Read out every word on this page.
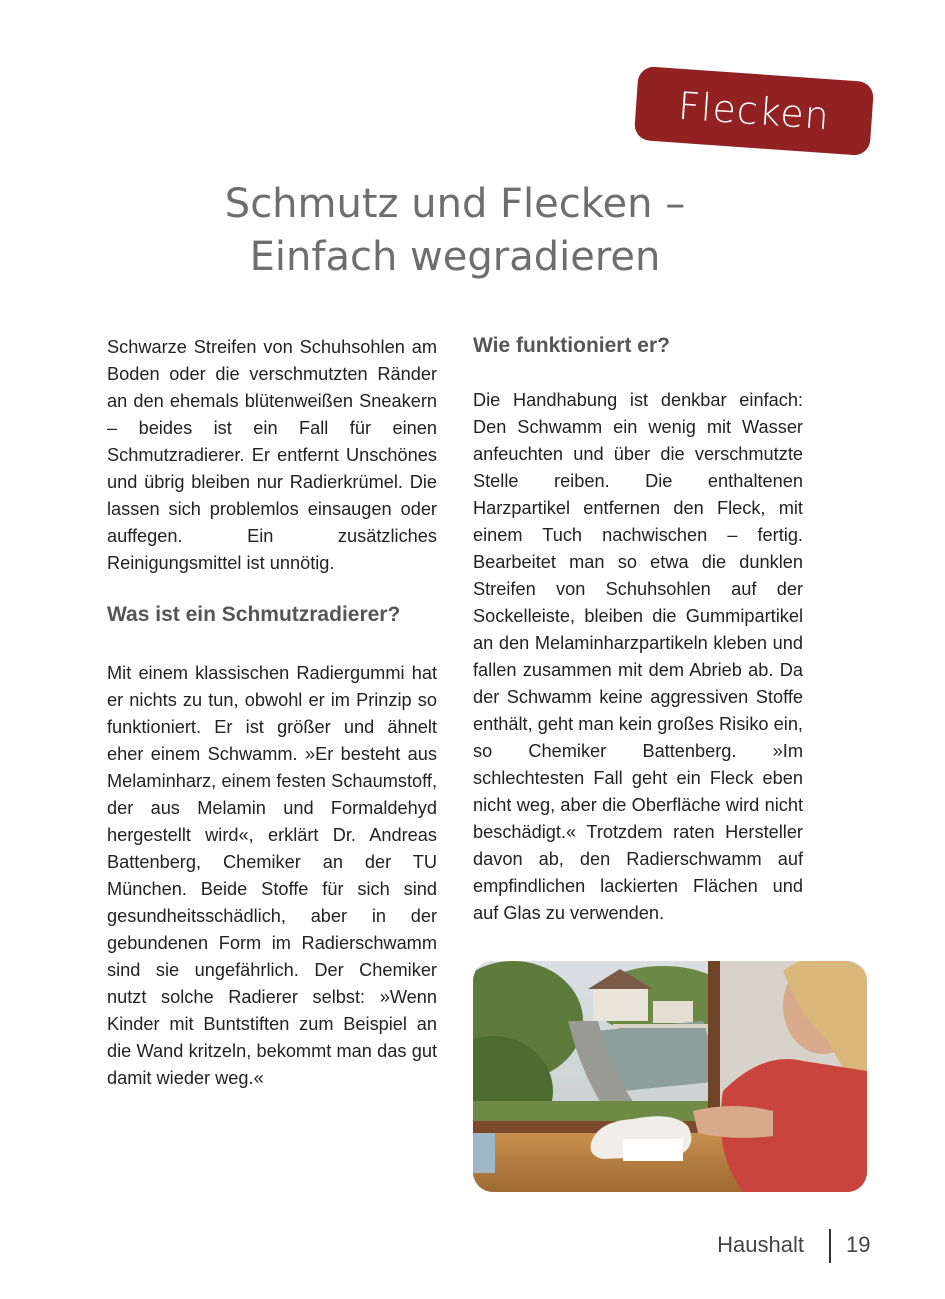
Flecken
Schmutz und Flecken –
Einfach wegradieren

Schwarze Streifen von Schuhsohlen am Boden oder die verschmutzten Ränder an den ehemals blütenweißen Sneakern – beides ist ein Fall für einen Schmutzradierer. Er entfernt Unschönes und übrig bleiben nur Radierkrümel. Die lassen sich problemlos einsaugen oder auffegen. Ein zusätzliches Reinigungsmittel ist unnötig.

Was ist ein Schmutzradierer?

Mit einem klassischen Radiergummi hat er nichts zu tun, obwohl er im Prinzip so funktioniert. Er ist größer und ähnelt eher einem Schwamm. »Er besteht aus Melaminharz, einem festen Schaumstoff, der aus Melamin und Formaldehyd hergestellt wird«, erklärt Dr. Andreas Battenberg, Chemiker an der TU München. Beide Stoffe für sich sind gesundheitsschädlich, aber in der gebundenen Form im Radierschwamm sind sie ungefährlich. Der Chemiker nutzt solche Radierer selbst: »Wenn Kinder mit Buntstiften zum Beispiel an die Wand kritzeln, bekommt man das gut damit wieder weg.«

Wie funktioniert er?

Die Handhabung ist denkbar einfach: Den Schwamm ein wenig mit Wasser anfeuchten und über die verschmutzte Stelle reiben. Die enthaltenen Harzpartikel entfernen den Fleck, mit einem Tuch nachwischen – fertig. Bearbeitet man so etwa die dunklen Streifen von Schuhsohlen auf der Sockelleiste, bleiben die Gummipartikel an den Melaminharzpartikeln kleben und fallen zusammen mit dem Abrieb ab. Da der Schwamm keine aggressiven Stoffe enthält, geht man kein großes Risiko ein, so Chemiker Battenberg. »Im schlechtesten Fall geht ein Fleck eben nicht weg, aber die Oberfläche wird nicht beschädigt.« Trotzdem raten Hersteller davon ab, den Radierschwamm auf empfindlichen lackierten Flächen und auf Glas zu verwenden.

Haushalt 19
